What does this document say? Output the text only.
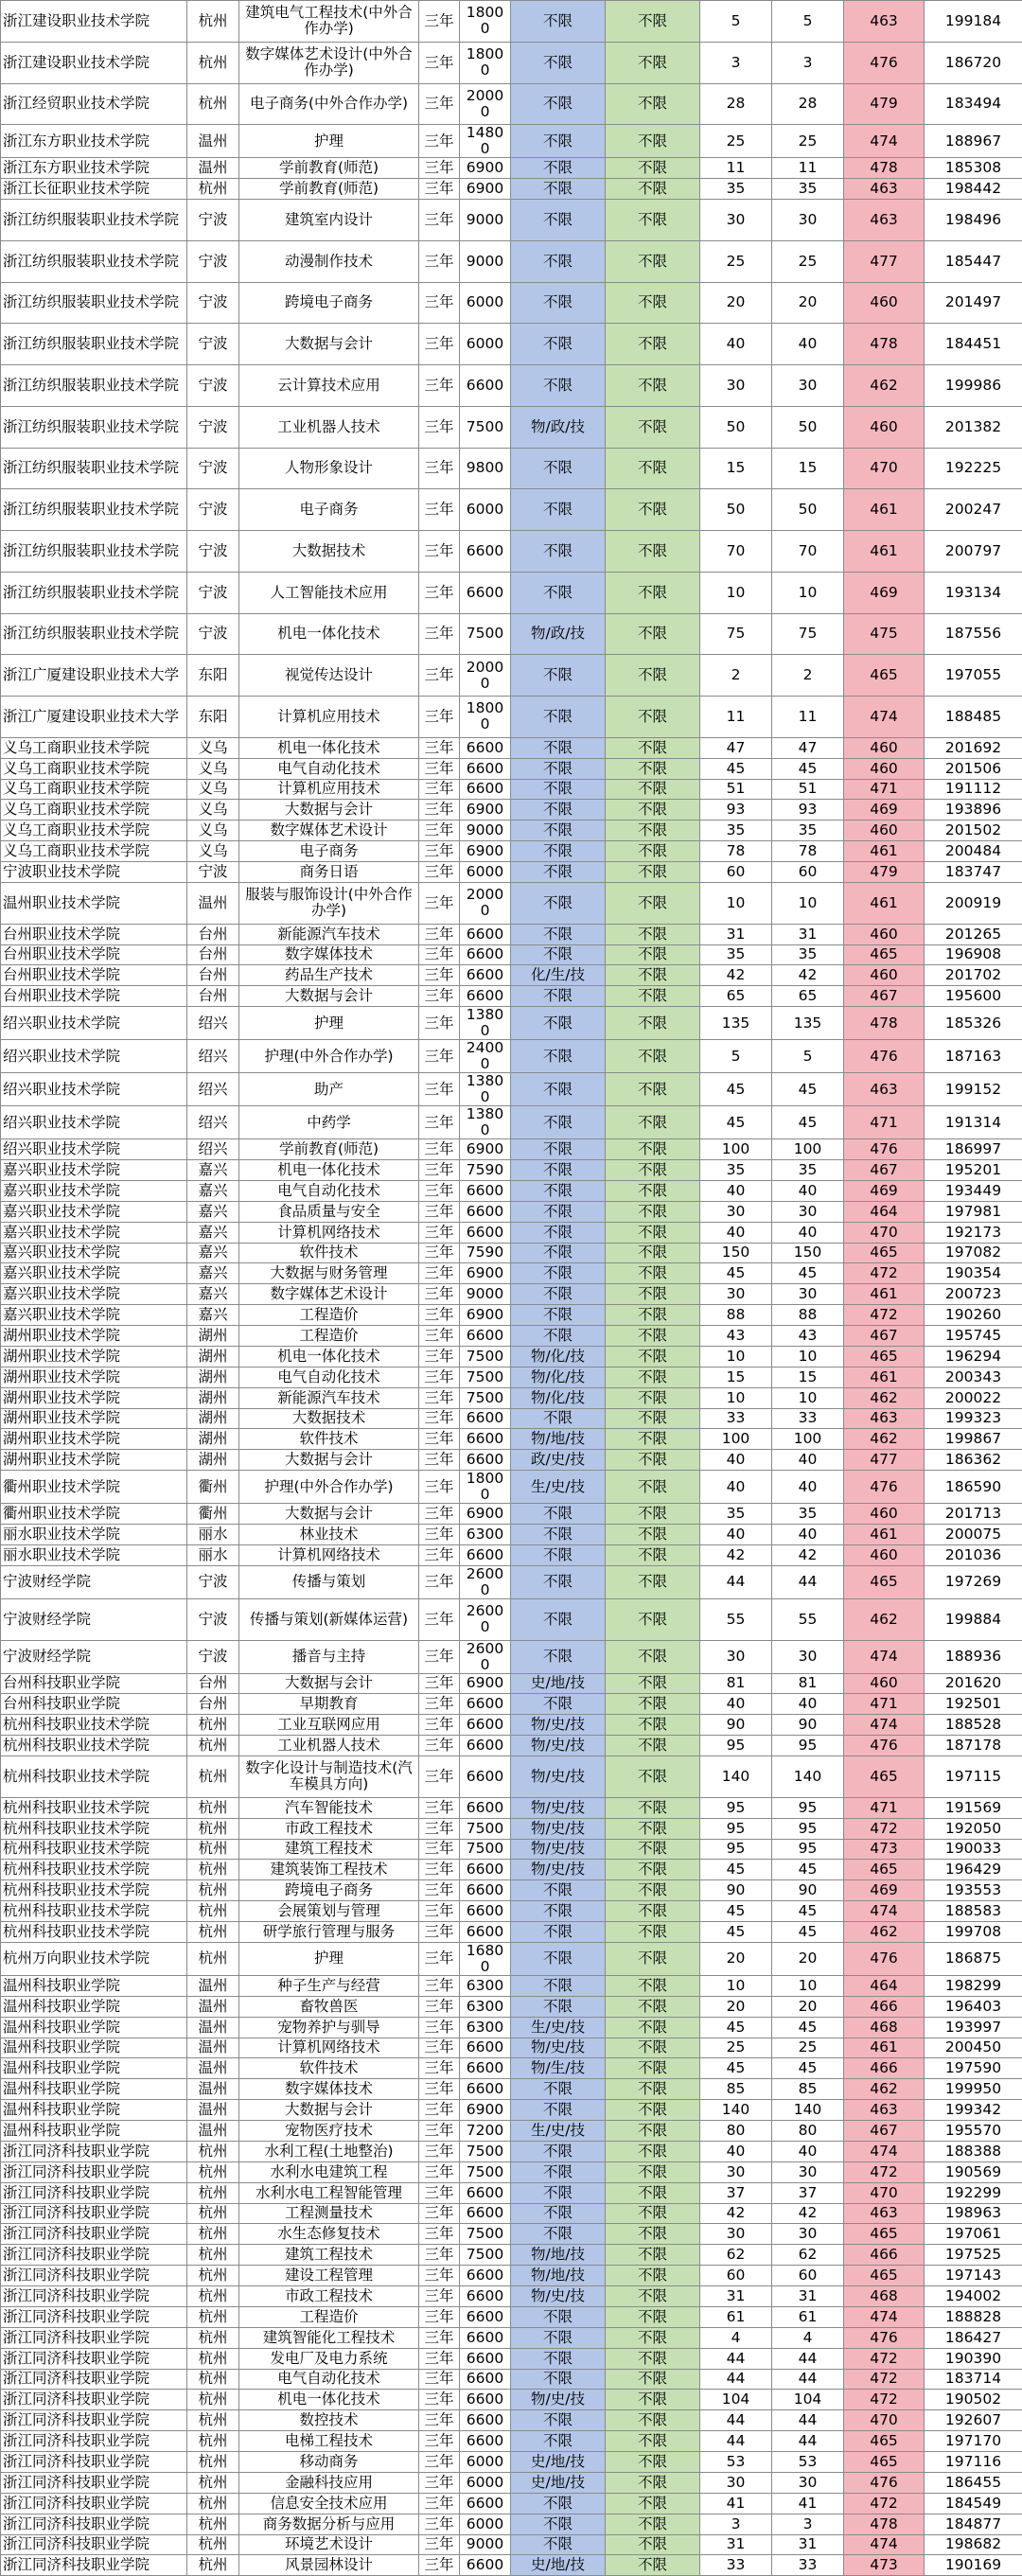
浙江建设职业技术学院	杭州	建筑电气工程技术(中外合作办学)	三年	18000	不限	不限	5	5	463	199184
浙江建设职业技术学院	杭州	数字媒体艺术设计(中外合作办学)	三年	18000	不限	不限	3	3	476	186720
浙江经贸职业技术学院	杭州	电子商务(中外合作办学)	三年	20000	不限	不限	28	28	479	183494
浙江东方职业技术学院	温州	护理	三年	14800	不限	不限	25	25	474	188967
浙江东方职业技术学院	温州	学前教育(师范)	三年	6900	不限	不限	11	11	478	185308
浙江长征职业技术学院	杭州	学前教育(师范)	三年	6900	不限	不限	35	35	463	198442
浙江纺织服装职业技术学院	宁波	建筑室内设计	三年	9000	不限	不限	30	30	463	198496
浙江纺织服装职业技术学院	宁波	动漫制作技术	三年	9000	不限	不限	25	25	477	185447
浙江纺织服装职业技术学院	宁波	跨境电子商务	三年	6000	不限	不限	20	20	460	201497
浙江纺织服装职业技术学院	宁波	大数据与会计	三年	6000	不限	不限	40	40	478	184451
浙江纺织服装职业技术学院	宁波	云计算技术应用	三年	6600	不限	不限	30	30	462	199986
浙江纺织服装职业技术学院	宁波	工业机器人技术	三年	7500	物/政/技	不限	50	50	460	201382
浙江纺织服装职业技术学院	宁波	人物形象设计	三年	9800	不限	不限	15	15	470	192225
浙江纺织服装职业技术学院	宁波	电子商务	三年	6000	不限	不限	50	50	461	200247
浙江纺织服装职业技术学院	宁波	大数据技术	三年	6600	不限	不限	70	70	461	200797
浙江纺织服装职业技术学院	宁波	人工智能技术应用	三年	6600	不限	不限	10	10	469	193134
浙江纺织服装职业技术学院	宁波	机电一体化技术	三年	7500	物/政/技	不限	75	75	475	187556
浙江广厦建设职业技术大学	东阳	视觉传达设计	三年	20000	不限	不限	2	2	465	197055
浙江广厦建设职业技术大学	东阳	计算机应用技术	三年	18000	不限	不限	11	11	474	188485
义乌工商职业技术学院	义乌	机电一体化技术	三年	6600	不限	不限	47	47	460	201692
义乌工商职业技术学院	义乌	电气自动化技术	三年	6600	不限	不限	45	45	460	201506
义乌工商职业技术学院	义乌	计算机应用技术	三年	6600	不限	不限	51	51	471	191112
义乌工商职业技术学院	义乌	大数据与会计	三年	6900	不限	不限	93	93	469	193896
义乌工商职业技术学院	义乌	数字媒体艺术设计	三年	9000	不限	不限	35	35	460	201502
义乌工商职业技术学院	义乌	电子商务	三年	6900	不限	不限	78	78	461	200484
宁波职业技术学院	宁波	商务日语	三年	6000	不限	不限	60	60	479	183747
温州职业技术学院	温州	服装与服饰设计(中外合作办学)	三年	20000	不限	不限	10	10	461	200919
台州职业技术学院	台州	新能源汽车技术	三年	6600	不限	不限	31	31	460	201265
台州职业技术学院	台州	数字媒体技术	三年	6600	不限	不限	35	35	465	196908
台州职业技术学院	台州	药品生产技术	三年	6600	化/生/技	不限	42	42	460	201702
台州职业技术学院	台州	大数据与会计	三年	6600	不限	不限	65	65	467	195600
绍兴职业技术学院	绍兴	护理	三年	13800	不限	不限	135	135	478	185326
绍兴职业技术学院	绍兴	护理(中外合作办学)	三年	24000	不限	不限	5	5	476	187163
绍兴职业技术学院	绍兴	助产	三年	13800	不限	不限	45	45	463	199152
绍兴职业技术学院	绍兴	中药学	三年	13800	不限	不限	45	45	471	191314
绍兴职业技术学院	绍兴	学前教育(师范)	三年	6900	不限	不限	100	100	476	186997
嘉兴职业技术学院	嘉兴	机电一体化技术	三年	7590	不限	不限	35	35	467	195201
嘉兴职业技术学院	嘉兴	电气自动化技术	三年	6600	不限	不限	40	40	469	193449
嘉兴职业技术学院	嘉兴	食品质量与安全	三年	6600	不限	不限	30	30	464	197981
嘉兴职业技术学院	嘉兴	计算机网络技术	三年	6600	不限	不限	40	40	470	192173
嘉兴职业技术学院	嘉兴	软件技术	三年	7590	不限	不限	150	150	465	197082
嘉兴职业技术学院	嘉兴	大数据与财务管理	三年	6900	不限	不限	45	45	472	190354
嘉兴职业技术学院	嘉兴	数字媒体艺术设计	三年	9000	不限	不限	30	30	461	200723
嘉兴职业技术学院	嘉兴	工程造价	三年	6900	不限	不限	88	88	472	190260
湖州职业技术学院	湖州	工程造价	三年	6600	不限	不限	43	43	467	195745
湖州职业技术学院	湖州	机电一体化技术	三年	7500	物/化/技	不限	10	10	465	196294
湖州职业技术学院	湖州	电气自动化技术	三年	7500	物/化/技	不限	15	15	461	200343
湖州职业技术学院	湖州	新能源汽车技术	三年	7500	物/化/技	不限	10	10	462	200022
湖州职业技术学院	湖州	大数据技术	三年	6600	不限	不限	33	33	463	199323
湖州职业技术学院	湖州	软件技术	三年	6600	物/地/技	不限	100	100	462	199867
湖州职业技术学院	湖州	大数据与会计	三年	6600	政/史/技	不限	40	40	477	186362
衢州职业技术学院	衢州	护理(中外合作办学)	三年	18000	生/史/技	不限	40	40	476	186590
衢州职业技术学院	衢州	大数据与会计	三年	6900	不限	不限	35	35	460	201713
丽水职业技术学院	丽水	林业技术	三年	6300	不限	不限	40	40	461	200075
丽水职业技术学院	丽水	计算机网络技术	三年	6600	不限	不限	42	42	460	201036
宁波财经学院	宁波	传播与策划	三年	26000	不限	不限	44	44	465	197269
宁波财经学院	宁波	传播与策划(新媒体运营)	三年	26000	不限	不限	55	55	462	199884
宁波财经学院	宁波	播音与主持	三年	26000	不限	不限	30	30	474	188936
台州科技职业学院	台州	大数据与会计	三年	6900	史/地/技	不限	81	81	460	201620
台州科技职业学院	台州	早期教育	三年	6600	不限	不限	40	40	471	192501
杭州科技职业技术学院	杭州	工业互联网应用	三年	6600	物/史/技	不限	90	90	474	188528
杭州科技职业技术学院	杭州	工业机器人技术	三年	6600	物/史/技	不限	95	95	476	187178
杭州科技职业技术学院	杭州	数字化设计与制造技术(汽车模具方向)	三年	6600	物/史/技	不限	140	140	465	197115
杭州科技职业技术学院	杭州	汽车智能技术	三年	6600	物/史/技	不限	95	95	471	191569
杭州科技职业技术学院	杭州	市政工程技术	三年	7500	物/史/技	不限	95	95	472	192050
杭州科技职业技术学院	杭州	建筑工程技术	三年	7500	物/史/技	不限	95	95	473	190033
杭州科技职业技术学院	杭州	建筑装饰工程技术	三年	6600	物/史/技	不限	45	45	465	196429
杭州科技职业技术学院	杭州	跨境电子商务	三年	6600	不限	不限	90	90	469	193553
杭州科技职业技术学院	杭州	会展策划与管理	三年	6600	不限	不限	45	45	474	188583
杭州科技职业技术学院	杭州	研学旅行管理与服务	三年	6600	不限	不限	45	45	462	199708
杭州万向职业技术学院	杭州	护理	三年	16800	不限	不限	20	20	476	186875
温州科技职业学院	温州	种子生产与经营	三年	6300	不限	不限	10	10	464	198299
温州科技职业学院	温州	畜牧兽医	三年	6300	不限	不限	20	20	466	196403
温州科技职业学院	温州	宠物养护与驯导	三年	6300	生/史/技	不限	45	45	468	193997
温州科技职业学院	温州	计算机网络技术	三年	6600	物/史/技	不限	25	25	461	200450
温州科技职业学院	温州	软件技术	三年	6600	物/生/技	不限	45	45	466	197590
温州科技职业学院	温州	数字媒体技术	三年	6600	不限	不限	85	85	462	199950
温州科技职业学院	温州	大数据与会计	三年	6900	不限	不限	140	140	463	199342
温州科技职业学院	温州	宠物医疗技术	三年	7200	生/史/技	不限	80	80	467	195570
浙江同济科技职业学院	杭州	水利工程(土地整治)	三年	7500	不限	不限	40	40	474	188388
浙江同济科技职业学院	杭州	水利水电建筑工程	三年	7500	不限	不限	30	30	472	190569
浙江同济科技职业学院	杭州	水利水电工程智能管理	三年	6600	不限	不限	37	37	470	192299
浙江同济科技职业学院	杭州	工程测量技术	三年	6600	不限	不限	42	42	463	198963
浙江同济科技职业学院	杭州	水生态修复技术	三年	7500	不限	不限	30	30	465	197061
浙江同济科技职业学院	杭州	建筑工程技术	三年	7500	物/地/技	不限	62	62	466	197525
浙江同济科技职业学院	杭州	建设工程管理	三年	6600	物/地/技	不限	60	60	465	197143
浙江同济科技职业学院	杭州	市政工程技术	三年	6600	物/史/技	不限	31	31	468	194002
浙江同济科技职业学院	杭州	工程造价	三年	6600	不限	不限	61	61	474	188828
浙江同济科技职业学院	杭州	建筑智能化工程技术	三年	6600	不限	不限	4	4	476	186427
浙江同济科技职业学院	杭州	发电厂及电力系统	三年	6600	不限	不限	44	44	472	190390
浙江同济科技职业学院	杭州	电气自动化技术	三年	6600	不限	不限	44	44	472	183714
浙江同济科技职业学院	杭州	机电一体化技术	三年	6600	物/史/技	不限	104	104	472	190502
浙江同济科技职业学院	杭州	数控技术	三年	6600	不限	不限	44	44	470	192607
浙江同济科技职业学院	杭州	电梯工程技术	三年	6600	不限	不限	44	44	465	197170
浙江同济科技职业学院	杭州	移动商务	三年	6000	史/地/技	不限	53	53	465	197116
浙江同济科技职业学院	杭州	金融科技应用	三年	6000	史/地/技	不限	30	30	476	186455
浙江同济科技职业学院	杭州	信息安全技术应用	三年	6600	不限	不限	41	41	472	184549
浙江同济科技职业学院	杭州	商务数据分析与应用	三年	6000	不限	不限	3	3	478	184877
浙江同济科技职业学院	杭州	环境艺术设计	三年	9000	不限	不限	31	31	474	198682
浙江同济科技职业学院	杭州	风景园林设计	三年	6600	史/地/技	不限	33	33	473	190169
